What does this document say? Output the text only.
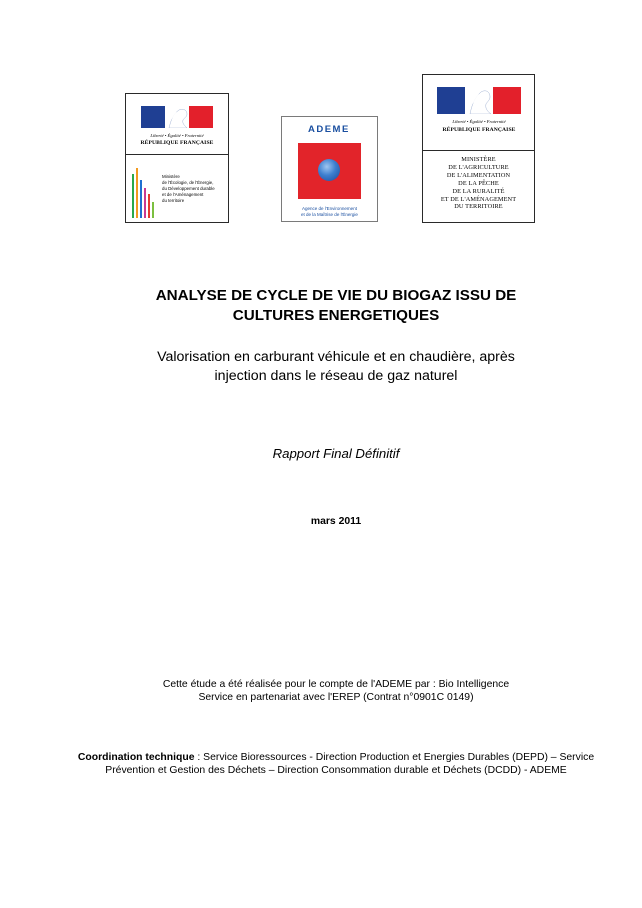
Liberté • Égalité • Fraternité
RÉPUBLIQUE FRANÇAISE
Ministère
de l'Écologie, de l'Énergie,
du Développement durable
et de l'Aménagement
du territoire
ADEME
Agence de l'Environnement
et de la Maîtrise de l'Énergie
Liberté • Égalité • Fraternité
RÉPUBLIQUE FRANÇAISE
MINISTÈRE
DE L'AGRICULTURE
DE L'ALIMENTATION
DE LA PÊCHE
DE LA RURALITÉ
ET DE L'AMÉNAGEMENT
DU TERRITOIRE
ANALYSE DE CYCLE DE VIE DU BIOGAZ ISSU DE
CULTURES ENERGETIQUES
Valorisation en carburant véhicule et en chaudière, après
injection dans le réseau de gaz naturel
Rapport Final Définitif
mars 2011
Cette étude a été réalisée pour le compte de l'ADEME par : Bio Intelligence
Service en partenariat avec l'EREP (Contrat n°0901C 0149)
Coordination technique : Service Bioressources - Direction Production et Energies Durables (DEPD) – Service Prévention et Gestion des Déchets – Direction Consommation durable et Déchets (DCDD) - ADEME
